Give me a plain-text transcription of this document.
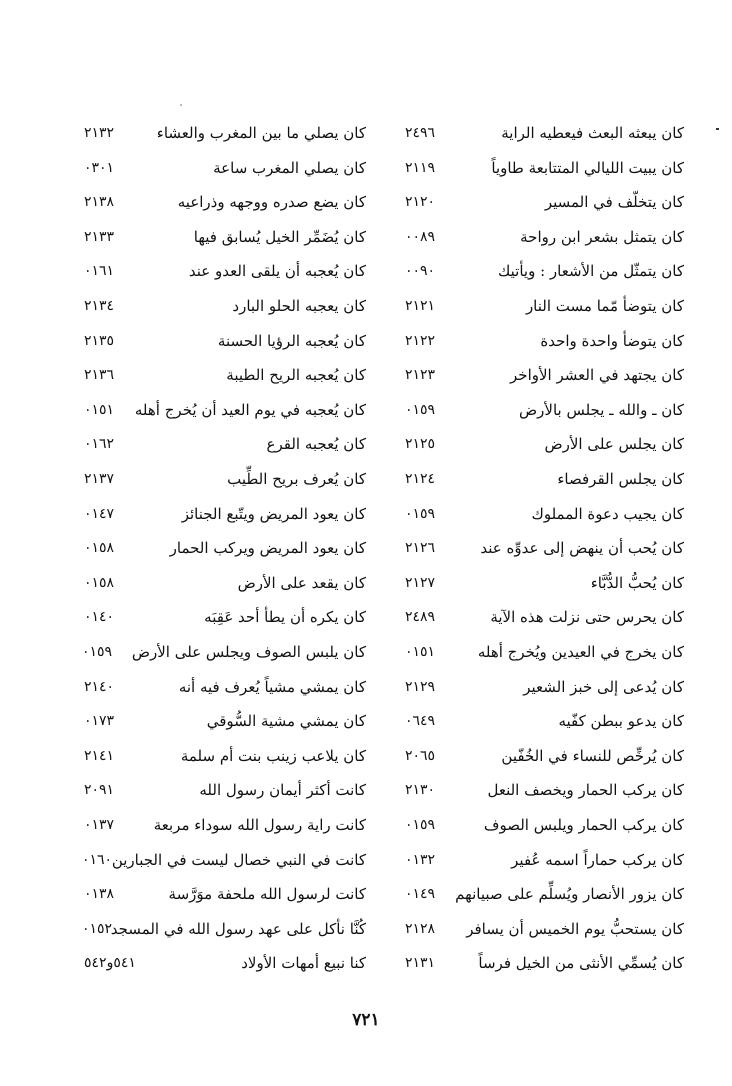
كان يبعثه البعث فيعطيه الراية
٢٤٩٦
كان يبيت الليالي المتتابعة طاوياً
٢١١٩
كان يتخلّف في المسير
٢١٢٠
كان يتمثل بشعر ابن رواحة
٠٠٨٩
كان يتمثّل من الأشعار : ويأتيك
٠٠٩٠
كان يتوضأ مّما مست النار
٢١٢١
كان يتوضأ واحدة واحدة
٢١٢٢
كان يجتهد في العشر الأواخر
٢١٢٣
كان ـ والله ـ يجلس بالأرض
٠١٥٩
كان يجلس على الأرض
٢١٢٥
كان يجلس القرفصاء
٢١٢٤
كان يجيب دعوة المملوك
٠١٥٩
كان يُحب أن ينهض إلى عدوِّه عند
٢١٢٦
كان يُحبُّ الدُّبَّاء
٢١٢٧
كان يحرس حتى نزلت هذه الآية
٢٤٨٩
كان يخرج في العيدين ويُخرج أهله
٠١٥١
كان يُدعى إلى خبز الشعير
٢١٢٩
كان يدعو ببطن كفّيه
٠٦٤٩
كان يُرخِّص للنساء في الخُفّين
٢٠٦٥
كان يركب الحمار ويخصف النعل
٢١٣٠
كان يركب الحمار ويلبس الصوف
٠١٥٩
كان يركب حماراً اسمه عُفير
٠١٣٢
كان يزور الأنصار ويُسلِّم على صبيانهم
٠١٤٩
كان يستحبُّ يوم الخميس أن يسافر
٢١٢٨
كان يُسمِّي الأنثى من الخيل فرساً
٢١٣١
كان يصلي ما بين المغرب والعشاء
٢١٣٢
كان يصلي المغرب ساعة
٠٣٠١
كان يضع صدره ووجهه وذراعيه
٢١٣٨
كان يُضَمِّر الخيل يُسابق فيها
٢١٣٣
كان يُعجبه أن يلقى العدو عند
٠١٦١
كان يعجبه الحلو البارد
٢١٣٤
كان يُعجبه الرؤيا الحسنة
٢١٣٥
كان يُعجبه الريح الطيبة
٢١٣٦
كان يُعجبه في يوم العيد أن يُخرج أهله
٠١٥١
كان يُعجبه القرع
٠١٦٢
كان يُعرف بريح الطِّيب
٢١٣٧
كان يعود المريض ويتّبع الجنائز
٠١٤٧
كان يعود المريض ويركب الحمار
٠١٥٨
كان يقعد على الأرض
٠١٥٨
كان يكره أن يطأ أحد عَقِبَه
٠١٤٠
كان يلبس الصوف ويجلس على الأرض
٠١٥٩
كان يمشي مشياً يُعرف فيه أنه
٢١٤٠
كان يمشي مشية السُّوقي
٠١٧٣
كان يلاعب زينب بنت أم سلمة
٢١٤١
كانت أكثر أيمان رسول الله
٢٠٩١
كانت راية رسول الله سوداء مربعة
٠١٣٧
كانت في النبي خصال ليست في الجبارين
٠١٦٠
كانت لرسول الله ملحفة موَرَّسة
٠١٣٨
كُنَّا نأكل على عهد رسول الله في المسجد
٠١٥٢
كنا نبيع أمهات الأولاد
٥٤١و٥٤٢
٧٢١
